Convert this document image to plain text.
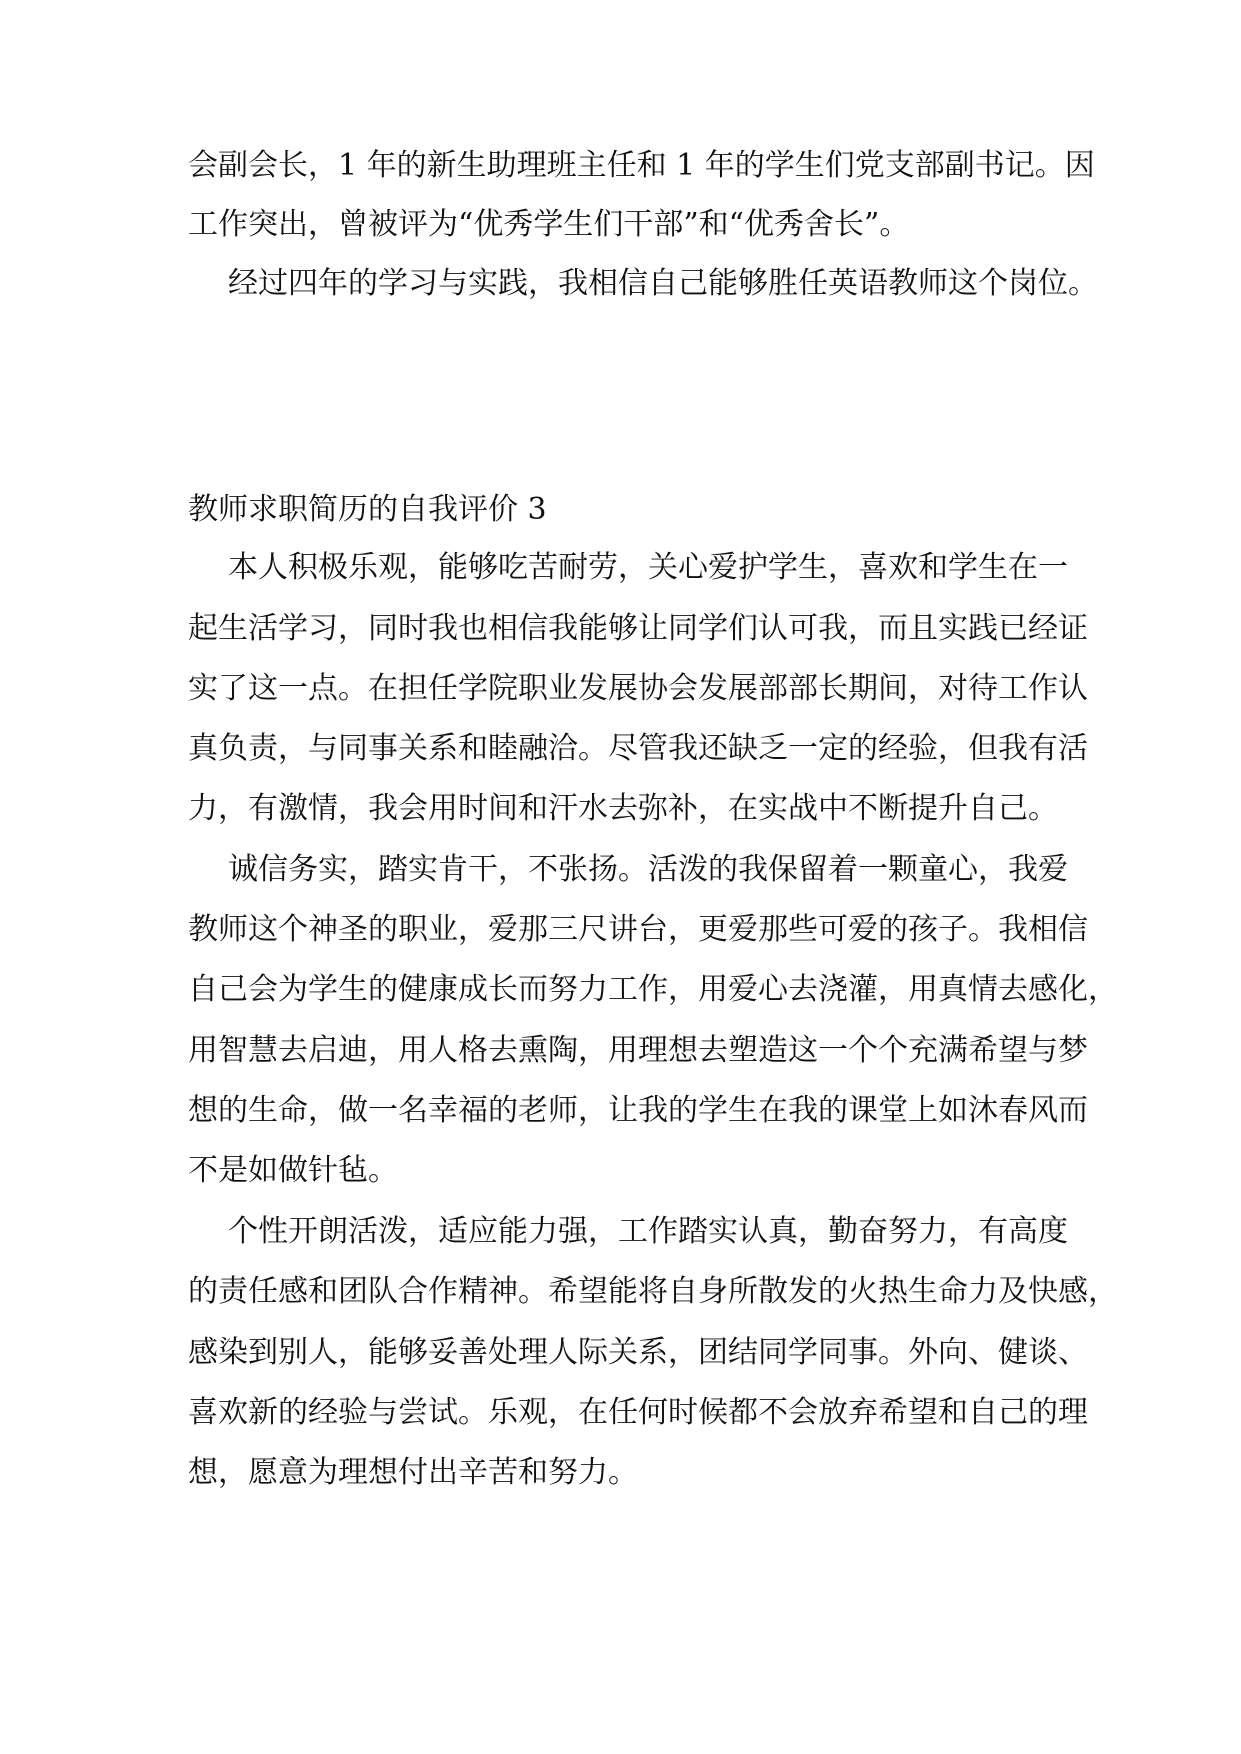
会副会长，1 年的新生助理班主任和 1 年的学生们党支部副书记。因
工作突出，曾被评为“优秀学生们干部”和“优秀舍长”。
经过四年的学习与实践，我相信自己能够胜任英语教师这个岗位。
教师求职简历的自我评价 3
本人积极乐观，能够吃苦耐劳，关心爱护学生，喜欢和学生在一
起生活学习，同时我也相信我能够让同学们认可我，而且实践已经证
实了这一点。在担任学院职业发展协会发展部部长期间，对待工作认
真负责，与同事关系和睦融洽。尽管我还缺乏一定的经验，但我有活
力，有激情，我会用时间和汗水去弥补，在实战中不断提升自己。
诚信务实，踏实肯干，不张扬。活泼的我保留着一颗童心，我爱
教师这个神圣的职业，爱那三尺讲台，更爱那些可爱的孩子。我相信
自己会为学生的健康成长而努力工作，用爱心去浇灌，用真情去感化，
用智慧去启迪，用人格去熏陶，用理想去塑造这一个个充满希望与梦
想的生命，做一名幸福的老师，让我的学生在我的课堂上如沐春风而
不是如做针毡。
个性开朗活泼，适应能力强，工作踏实认真，勤奋努力，有高度
的责任感和团队合作精神。希望能将自身所散发的火热生命力及快感，
感染到别人，能够妥善处理人际关系，团结同学同事。外向、健谈、
喜欢新的经验与尝试。乐观，在任何时候都不会放弃希望和自己的理
想，愿意为理想付出辛苦和努力。
